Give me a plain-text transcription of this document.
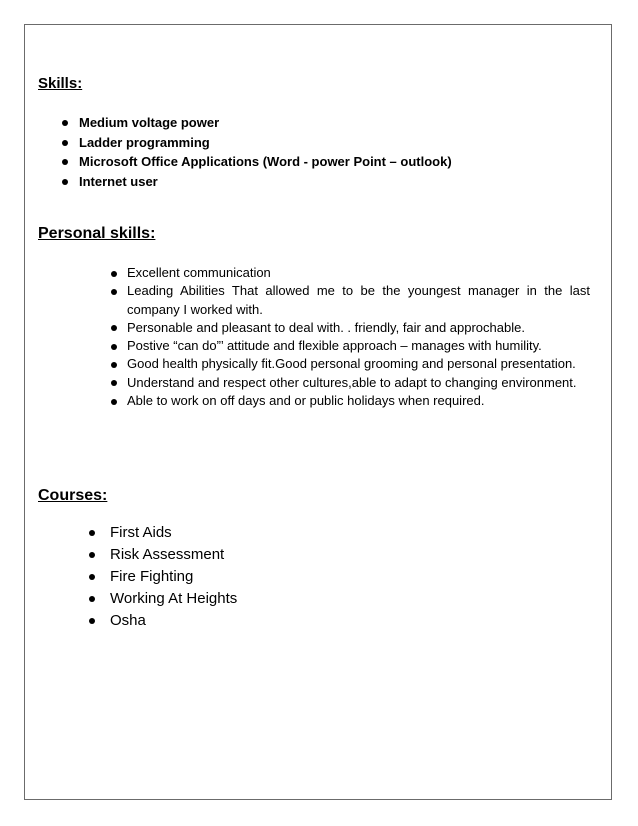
Skills:
Medium voltage power
Ladder programming
Microsoft Office Applications (Word - power Point – outlook)
Internet user
Personal skills:
Excellent communication
Leading Abilities That allowed me to be the youngest manager in the last company I worked with.
Personable and pleasant to deal with. . friendly, fair and approchable.
Postive “can do”’ attitude and flexible approach – manages with humility.
Good health physically fit.Good personal grooming and personal presentation.
Understand and respect other cultures,able to adapt to changing environment.
Able to work on off days and or public holidays when required.
Courses:
First Aids
Risk Assessment
Fire Fighting
Working At Heights
Osha
